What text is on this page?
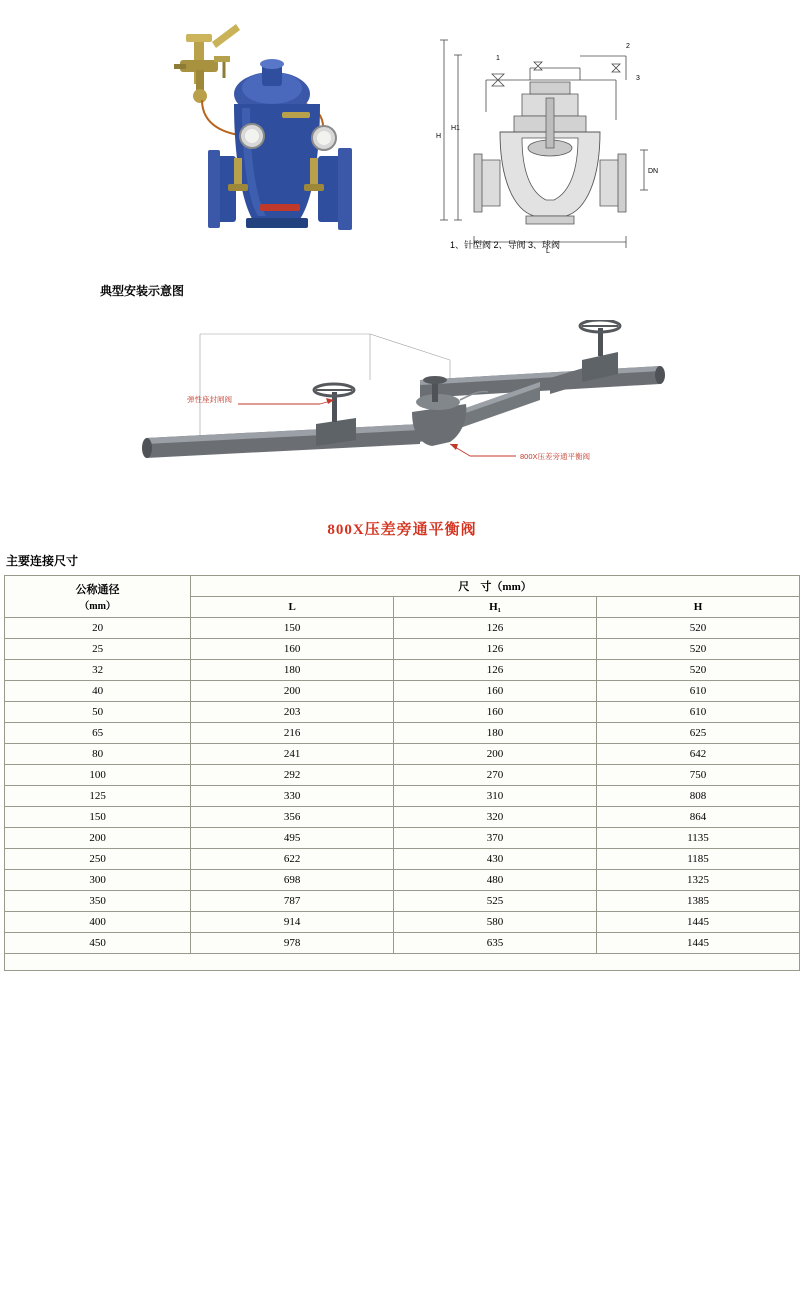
1
2
3
H
H1
L
DN
1、针型阀 2、导阀 3、球阀
典型安装示意图
弹性座封闸阀
800X压差旁通平衡阀
800X压差旁通平衡阀
主要连接尺寸
公称通径
（mm）	尺　寸（mm）		
	L	H₁	H
20	150	126	520
25	160	126	520
32	180	126	520
40	200	160	610
50	203	160	610
65	216	180	625
80	241	200	642
100	292	270	750
125	330	310	808
150	356	320	864
200	495	370	1135
250	622	430	1185
300	698	480	1325
350	787	525	1385
400	914	580	1445
450	978	635	1445
